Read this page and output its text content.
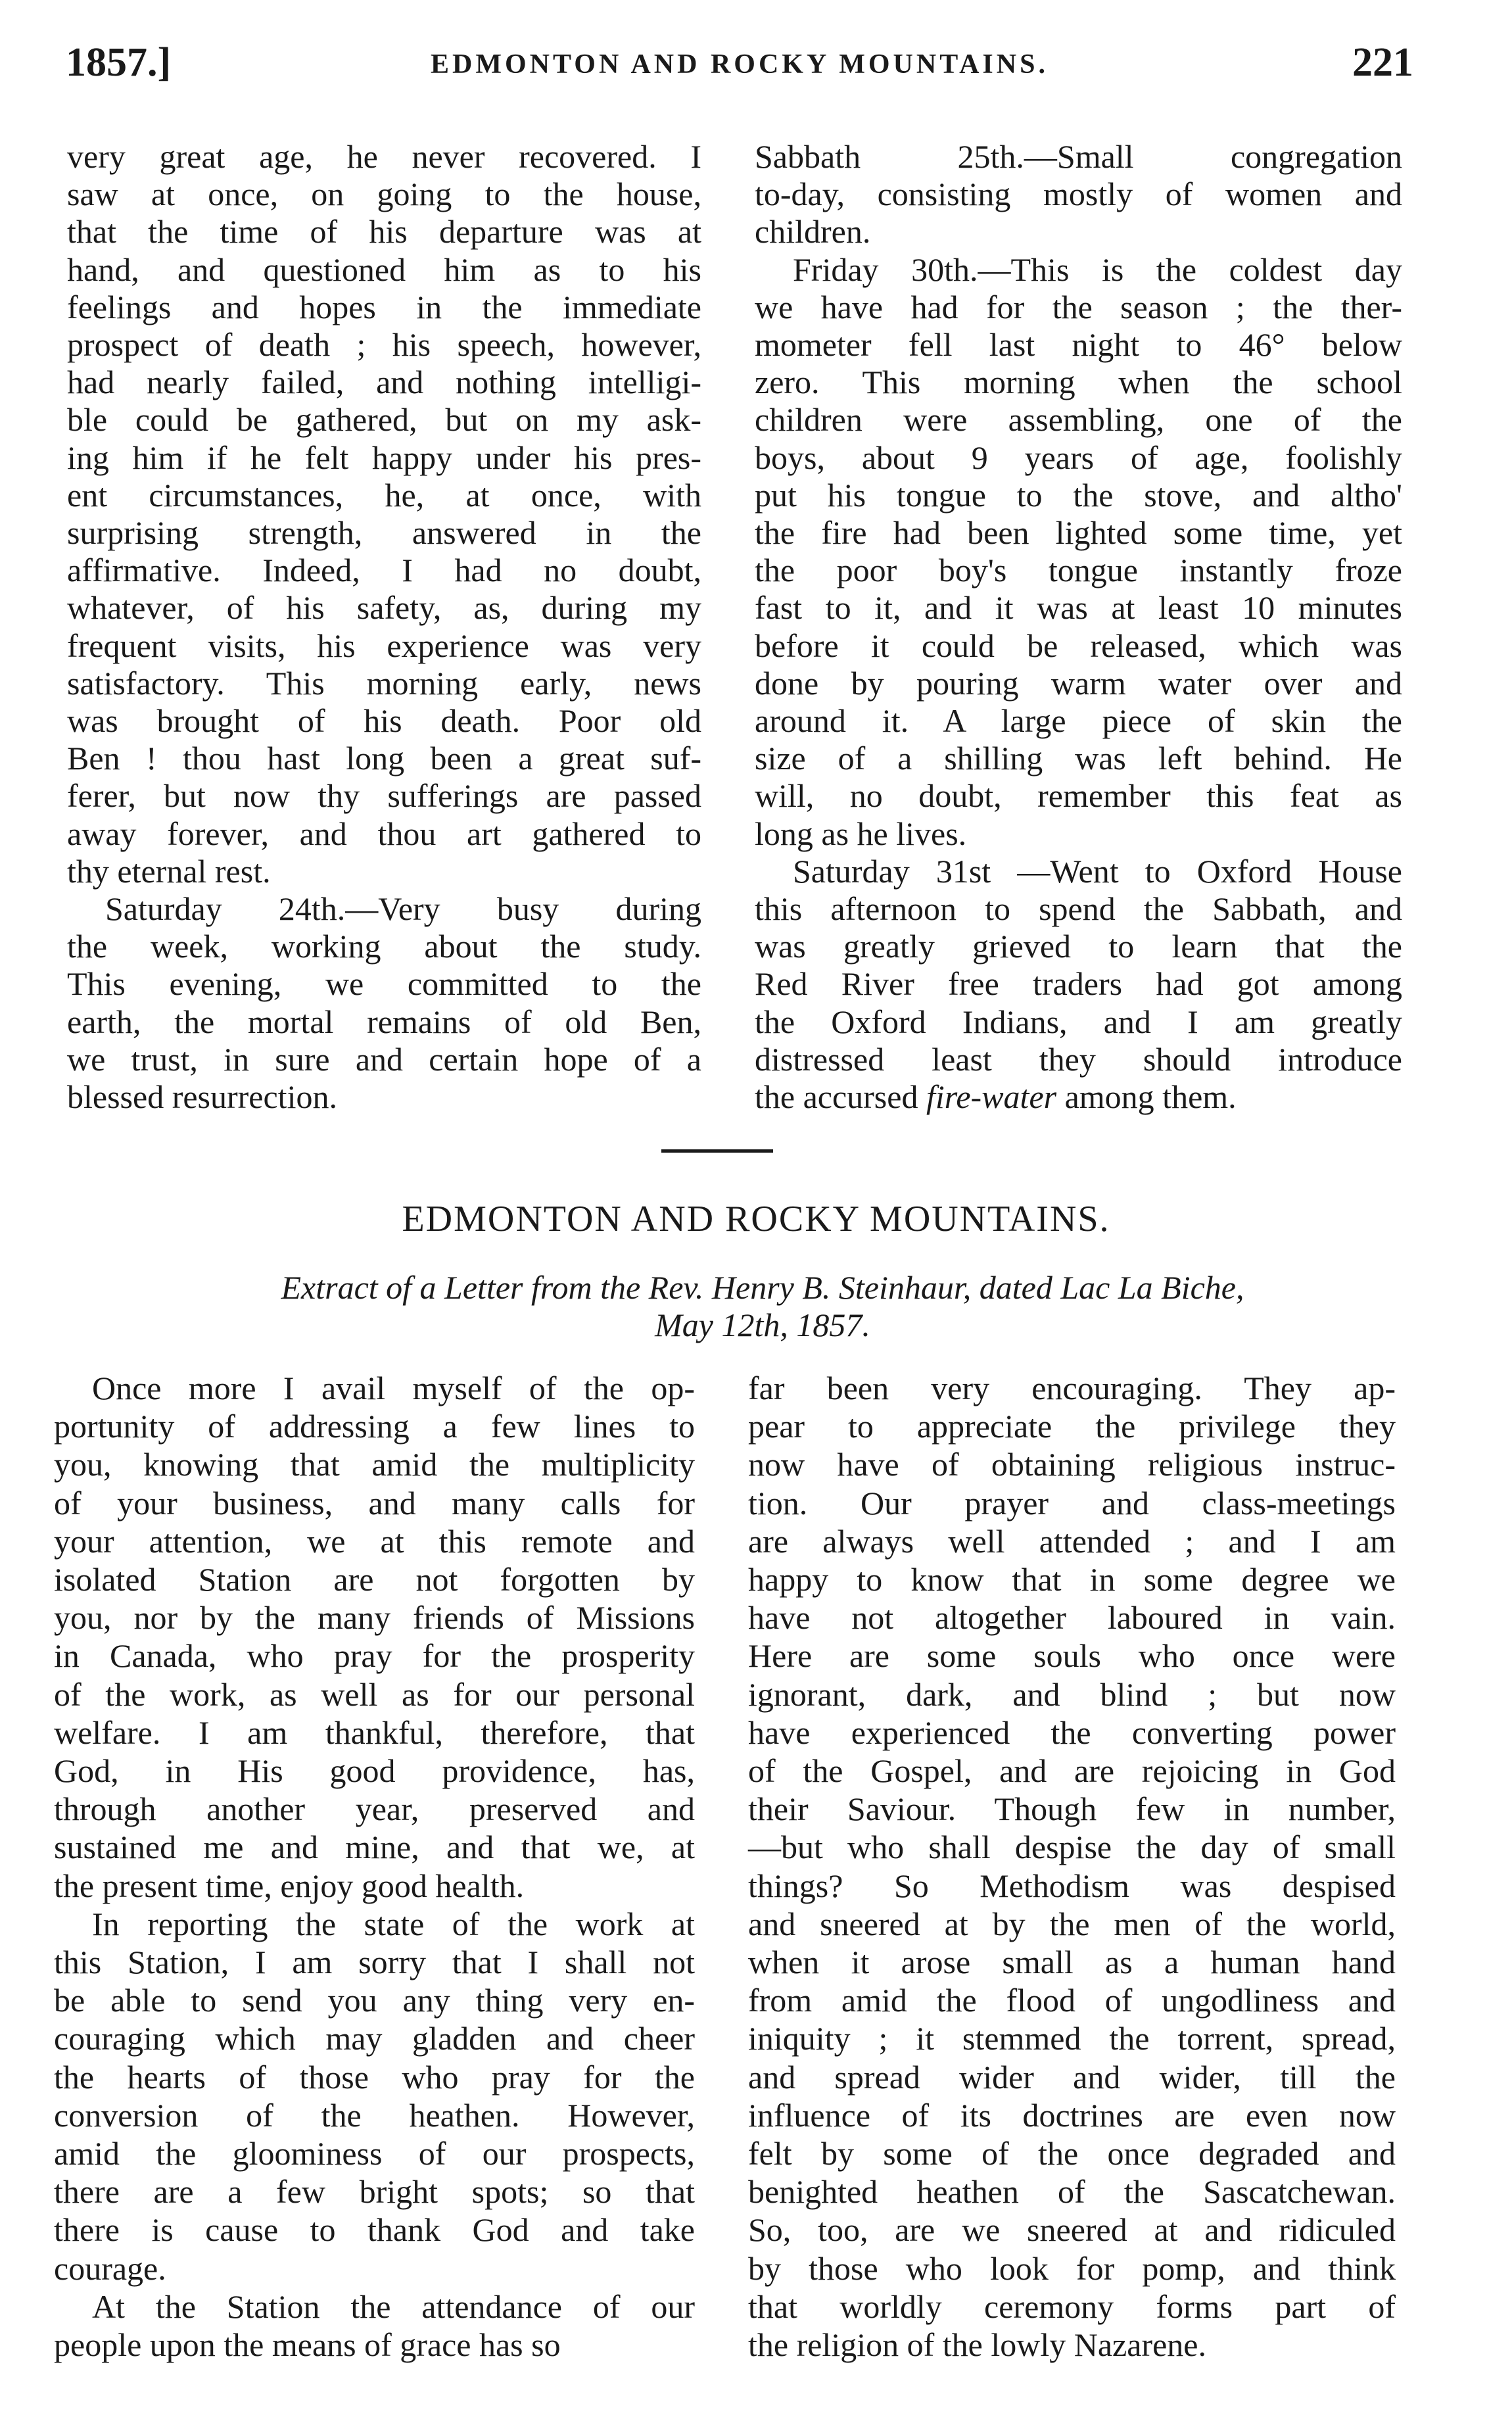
1857.]	EDMONTON AND ROCKY MOUNTAINS.	221
very great age, he never recovered. I
saw at once, on going to the house,
that the time of his departure was at
hand, and questioned him as to his
feelings and hopes in the immediate
prospect of death ; his speech, however,
had nearly failed, and nothing intelligi-
ble could be gathered, but on my ask-
ing him if he felt happy under his pres-
ent circumstances, he, at once, with
surprising strength, answered in the
affirmative. Indeed, I had no doubt,
whatever, of his safety, as, during my
frequent visits, his experience was very
satisfactory. This morning early, news
was brought of his death. Poor old
Ben ! thou hast long been a great suf-
ferer, but now thy sufferings are passed
away forever, and thou art gathered to
thy eternal rest.
Saturday 24th.—Very busy during
the week, working about the study.
This evening, we committed to the
earth, the mortal remains of old Ben,
we trust, in sure and certain hope of a
blessed resurrection.
Sabbath 25th.—Small congregation
to-day, consisting mostly of women and
children.
Friday 30th.—This is the coldest day
we have had for the season ; the ther-
mometer fell last night to 46° below
zero. This morning when the school
children were assembling, one of the
boys, about 9 years of age, foolishly
put his tongue to the stove, and altho'
the fire had been lighted some time, yet
the poor boy's tongue instantly froze
fast to it, and it was at least 10 minutes
before it could be released, which was
done by pouring warm water over and
around it. A large piece of skin the
size of a shilling was left behind. He
will, no doubt, remember this feat as
long as he lives.
Saturday 31st —Went to Oxford House
this afternoon to spend the Sabbath, and
was greatly grieved to learn that the
Red River free traders had got among
the Oxford Indians, and I am greatly
distressed least they should introduce
the accursed fire-water among them.
EDMONTON AND ROCKY MOUNTAINS.
Extract of a Letter from the Rev. Henry B. Steinhaur, dated Lac La Biche,
May 12th, 1857.
Once more I avail myself of the op-
portunity of addressing a few lines to
you, knowing that amid the multiplicity
of your business, and many calls for
your attention, we at this remote and
isolated Station are not forgotten by
you, nor by the many friends of Missions
in Canada, who pray for the prosperity
of the work, as well as for our personal
welfare. I am thankful, therefore, that
God, in His good providence, has,
through another year, preserved and
sustained me and mine, and that we, at
the present time, enjoy good health.
In reporting the state of the work at
this Station, I am sorry that I shall not
be able to send you any thing very en-
couraging which may gladden and cheer
the hearts of those who pray for the
conversion of the heathen. However,
amid the gloominess of our prospects,
there are a few bright spots; so that
there is cause to thank God and take
courage.
At the Station the attendance of our
people upon the means of grace has so
far been very encouraging. They ap-
pear to appreciate the privilege they
now have of obtaining religious instruc-
tion. Our prayer and class-meetings
are always well attended ; and I am
happy to know that in some degree we
have not altogether laboured in vain.
Here are some souls who once were
ignorant, dark, and blind ; but now
have experienced the converting power
of the Gospel, and are rejoicing in God
their Saviour. Though few in number,
—but who shall despise the day of small
things? So Methodism was despised
and sneered at by the men of the world,
when it arose small as a human hand
from amid the flood of ungodliness and
iniquity ; it stemmed the torrent, spread,
and spread wider and wider, till the
influence of its doctrines are even now
felt by some of the once degraded and
benighted heathen of the Sascatchewan.
So, too, are we sneered at and ridiculed
by those who look for pomp, and think
that worldly ceremony forms part of
the religion of the lowly Nazarene.
